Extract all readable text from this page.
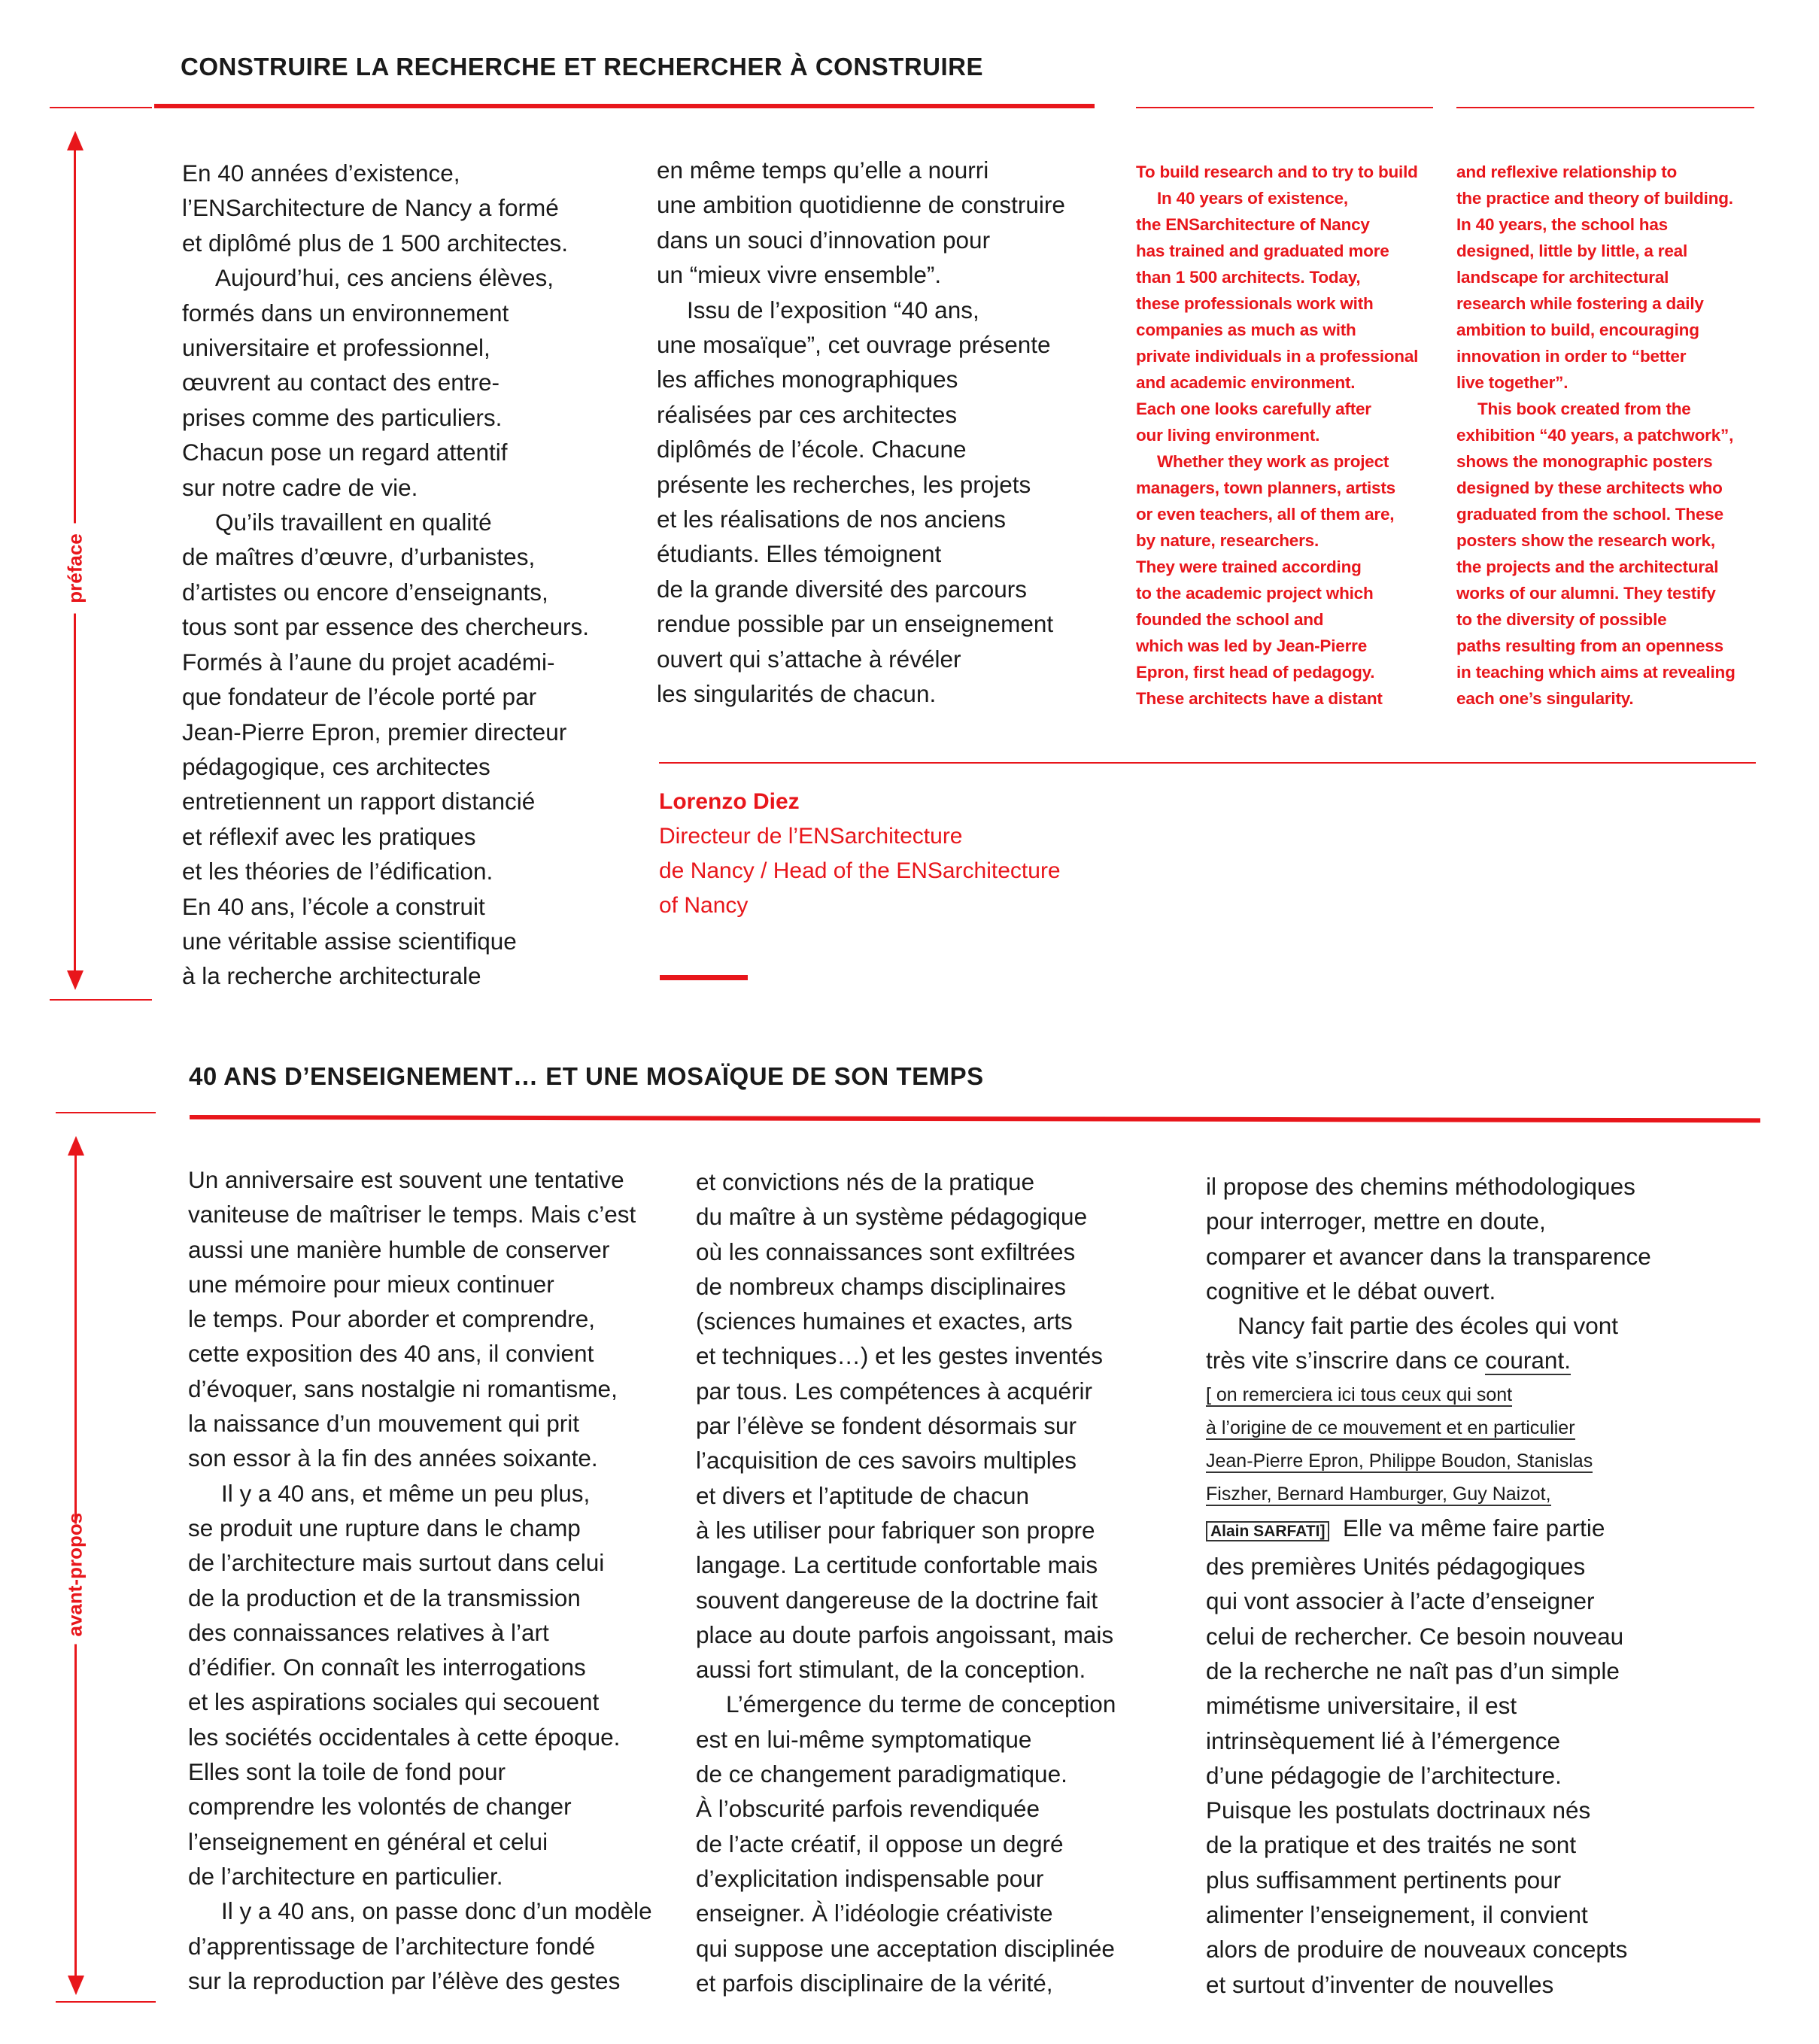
CONSTRUIRE LA RECHERCHE ET RECHERCHER À CONSTRUIRE
préface
En 40 années d’existence,
l’ENSarchitecture de Nancy a formé
et diplômé plus de 1 500 architectes.
Aujourd’hui, ces anciens élèves,
formés dans un environnement
universitaire et professionnel,
œuvrent au contact des entre-
prises comme des particuliers.
Chacun pose un regard attentif
sur notre cadre de vie.
Qu’ils travaillent en qualité
de maîtres d’œuvre, d’urbanistes,
d’artistes ou encore d’enseignants,
tous sont par essence des chercheurs.
Formés à l’aune du projet académi-
que fondateur de l’école porté par
Jean-Pierre Epron, premier directeur
pédagogique, ces architectes
entretiennent un rapport distancié
et réflexif avec les pratiques
et les théories de l’édification.
En 40 ans, l’école a construit
une véritable assise scientifique
à la recherche architecturale
en même temps qu’elle a nourri
une ambition quotidienne de construire
dans un souci d’innovation pour
un “mieux vivre ensemble”.
Issu de l’exposition “40 ans,
une mosaïque”, cet ouvrage présente
les affiches monographiques
réalisées par ces architectes
diplômés de l’école. Chacune
présente les recherches, les projets
et les réalisations de nos anciens
étudiants. Elles témoignent
de la grande diversité des parcours
rendue possible par un enseignement
ouvert qui s’attache à révéler
les singularités de chacun.
To build research and to try to build
In 40 years of existence,
the ENSarchitecture of Nancy
has trained and graduated more
than 1 500 architects. Today,
these professionals work with
companies as much as with
private individuals in a professional
and academic environment.
Each one looks carefully after
our living environment.
Whether they work as project
managers, town planners, artists
or even teachers, all of them are,
by nature, researchers.
They were trained according
to the academic project which
founded the school and
which was led by Jean-Pierre
Epron, first head of pedagogy.
These architects have a distant
and reflexive relationship to
the practice and theory of building.
In 40 years, the school has
designed, little by little, a real
landscape for architectural
research while fostering a daily
ambition to build, encouraging
innovation in order to “better
live together”.
This book created from the
exhibition “40 years, a patchwork”,
shows the monographic posters
designed by these architects who
graduated from the school. These
posters show the research work,
the projects and the architectural
works of our alumni. They testify
to the diversity of possible
paths resulting from an openness
in teaching which aims at revealing
each one’s singularity.
Lorenzo Diez
Directeur de l’ENSarchitecture
de Nancy / Head of the ENSarchitecture
of Nancy
40 ANS D’ENSEIGNEMENT… ET UNE MOSAÏQUE DE SON TEMPS
avant-propos
Un anniversaire est souvent une tentative
vaniteuse de maîtriser le temps. Mais c’est
aussi une manière humble de conserver
une mémoire pour mieux continuer
le temps. Pour aborder et comprendre,
cette exposition des 40 ans, il convient
d’évoquer, sans nostalgie ni romantisme,
la naissance d’un mouvement qui prit
son essor à la fin des années soixante.
Il y a 40 ans, et même un peu plus,
se produit une rupture dans le champ
de l’architecture mais surtout dans celui
de la production et de la transmission
des connaissances relatives à l’art
d’édifier. On connaît les interrogations
et les aspirations sociales qui secouent
les sociétés occidentales à cette époque.
Elles sont la toile de fond pour
comprendre les volontés de changer
l’enseignement en général et celui
de l’architecture en particulier.
Il y a 40 ans, on passe donc d’un modèle
d’apprentissage de l’architecture fondé
sur la reproduction par l’élève des gestes
et convictions nés de la pratique
du maître à un système pédagogique
où les connaissances sont exfiltrées
de nombreux champs disciplinaires
(sciences humaines et exactes, arts
et techniques…) et les gestes inventés
par tous. Les compétences à acquérir
par l’élève se fondent désormais sur
l’acquisition de ces savoirs multiples
et divers et l’aptitude de chacun
à les utiliser pour fabriquer son propre
langage. La certitude confortable mais
souvent dangereuse de la doctrine fait
place au doute parfois angoissant, mais
aussi fort stimulant, de la conception.
L’émergence du terme de conception
est en lui-même symptomatique
de ce changement paradigmatique.
À l’obscurité parfois revendiquée
de l’acte créatif, il oppose un degré
d’explicitation indispensable pour
enseigner. À l’idéologie créativiste
qui suppose une acceptation disciplinée
et parfois disciplinaire de la vérité,
il propose des chemins méthodologiques
pour interroger, mettre en doute,
comparer et avancer dans la transparence
cognitive et le débat ouvert.
Nancy fait partie des écoles qui vont
très vite s’inscrire dans ce courant.
[ on remerciera ici tous ceux qui sont
à l’origine de ce mouvement et en particulier
Jean-Pierre Epron, Philippe Boudon, Stanislas
Fiszher, Bernard Hamburger, Guy Naizot,
Alain SARFATI] Elle va même faire partie
des premières Unités pédagogiques
qui vont associer à l’acte d’enseigner
celui de rechercher. Ce besoin nouveau
de la recherche ne naît pas d’un simple
mimétisme universitaire, il est
intrinsèquement lié à l’émergence
d’une pédagogie de l’architecture.
Puisque les postulats doctrinaux nés
de la pratique et des traités ne sont
plus suffisamment pertinents pour
alimenter l’enseignement, il convient
alors de produire de nouveaux concepts
et surtout d’inventer de nouvelles
